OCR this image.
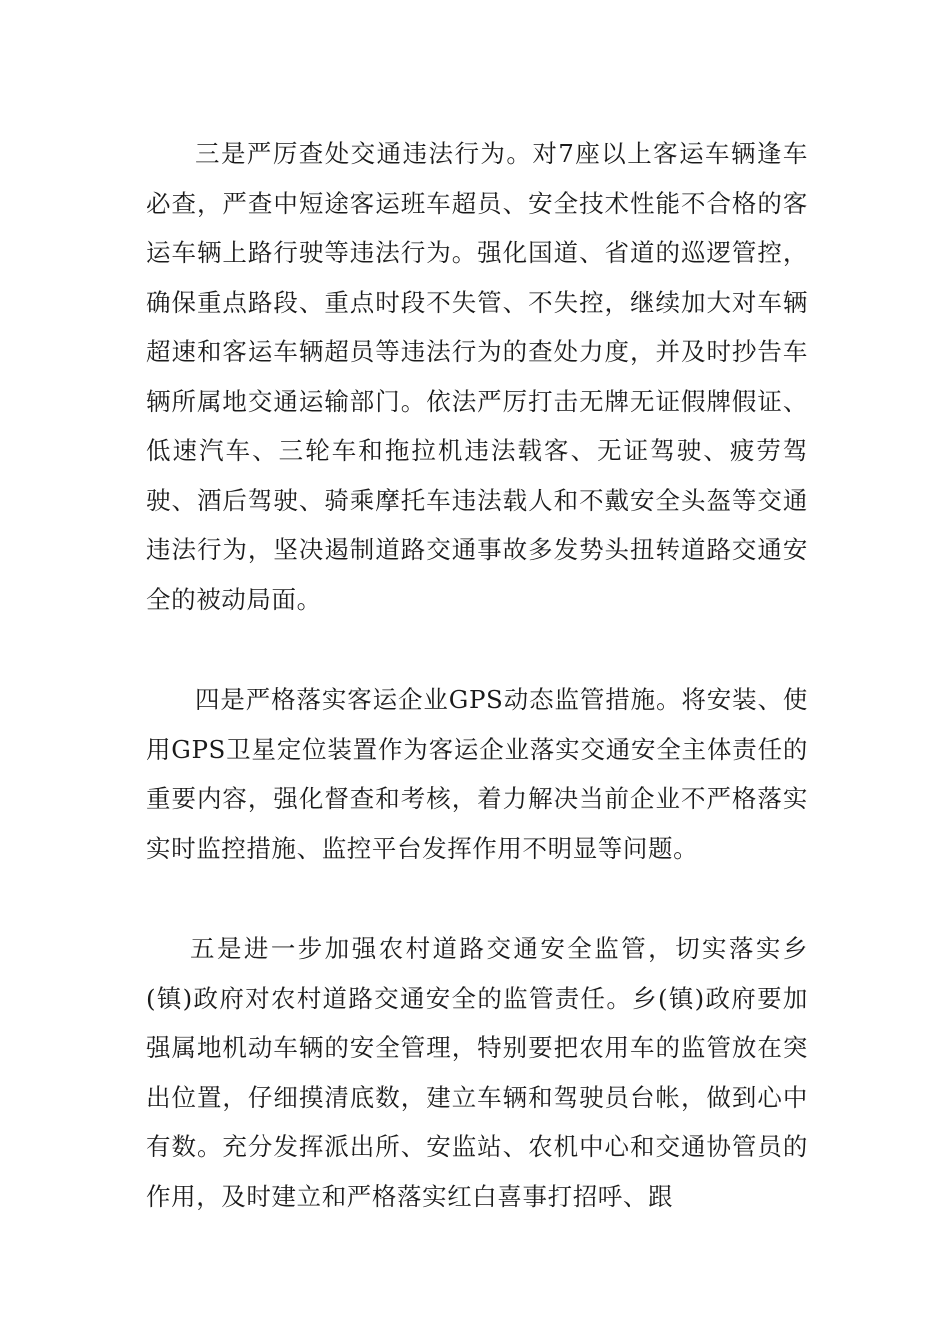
三是严厉查处交通违法行为。对7座以上客运车辆逢车必查，严查中短途客运班车超员、安全技术性能不合格的客运车辆上路行驶等违法行为。强化国道、省道的巡逻管控，确保重点路段、重点时段不失管、不失控，继续加大对车辆超速和客运车辆超员等违法行为的查处力度，并及时抄告车辆所属地交通运输部门。依法严厉打击无牌无证假牌假证、低速汽车、三轮车和拖拉机违法载客、无证驾驶、疲劳驾驶、酒后驾驶、骑乘摩托车违法载人和不戴安全头盔等交通违法行为，坚决遏制道路交通事故多发势头扭转道路交通安全的被动局面。

四是严格落实客运企业GPS动态监管措施。将安装、使用GPS卫星定位装置作为客运企业落实交通安全主体责任的重要内容，强化督查和考核，着力解决当前企业不严格落实实时监控措施、监控平台发挥作用不明显等问题。

五是进一步加强农村道路交通安全监管，切实落实乡(镇)政府对农村道路交通安全的监管责任。乡(镇)政府要加强属地机动车辆的安全管理，特别要把农用车的监管放在突出位置，仔细摸清底数，建立车辆和驾驶员台帐，做到心中有数。充分发挥派出所、安监站、农机中心和交通协管员的作用，及时建立和严格落实红白喜事打招呼、跟
